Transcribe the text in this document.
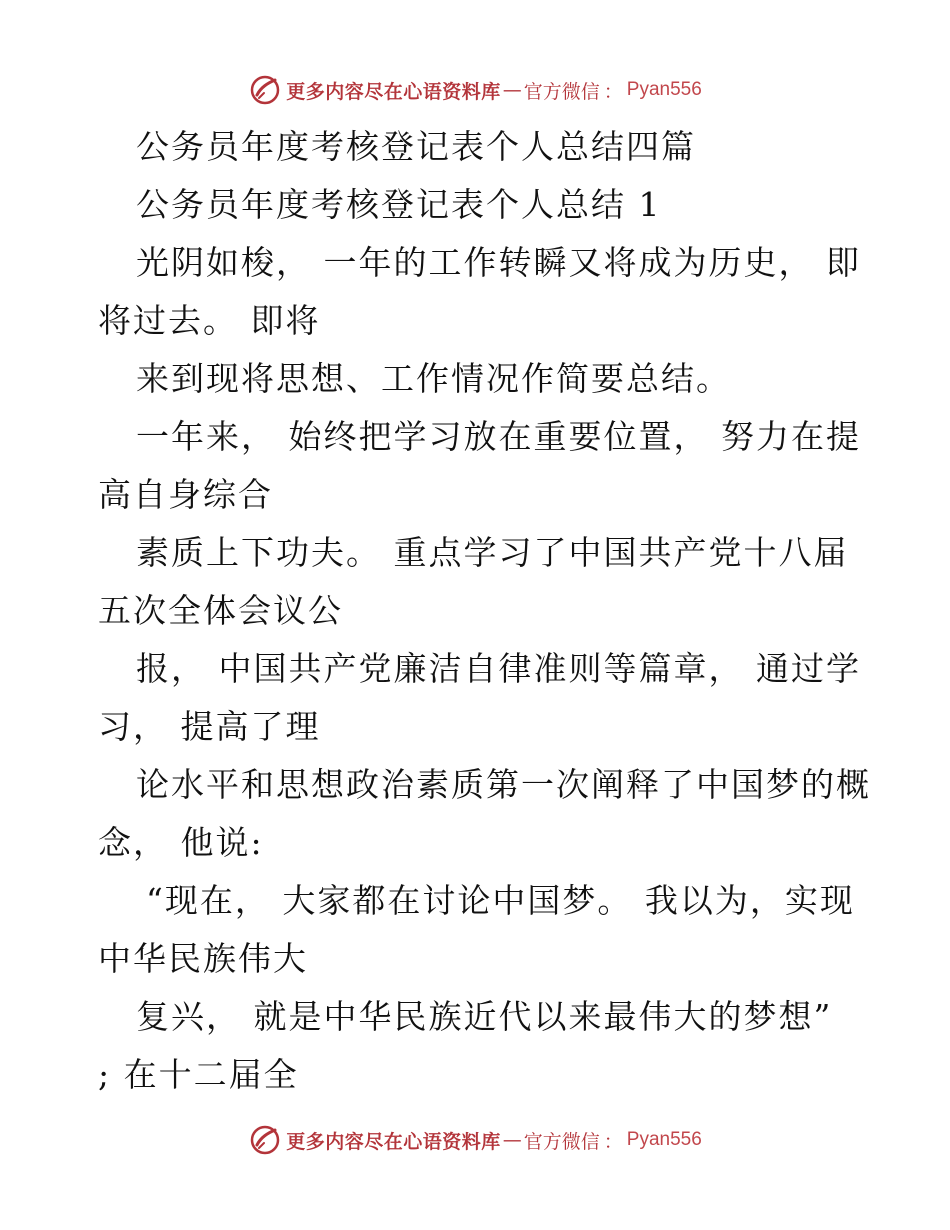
更多内容尽在心语资料库 — 官方微信 ： Pyan556
公务员年度考核登记表个人总结四篇
公务员年度考核登记表个人总结 1
光阴如梭， 一年的工作转瞬又将成为历史， 即
将过去。 即将
来到现将思想、工作情况作简要总结。
一年来， 始终把学习放在重要位置， 努力在提
高自身综合
素质上下功夫。 重点学习了中国共产党十八届
五次全体会议公
报， 中国共产党廉洁自律准则等篇章， 通过学
习， 提高了理
论水平和思想政治素质第一次阐释了中国梦的概
念， 他说:
“现在， 大家都在讨论中国梦。 我以为，实现
中华民族伟大
复兴， 就是中华民族近代以来最伟大的梦想”
; 在十二届全
更多内容尽在心语资料库 — 官方微信 ： Pyan556
